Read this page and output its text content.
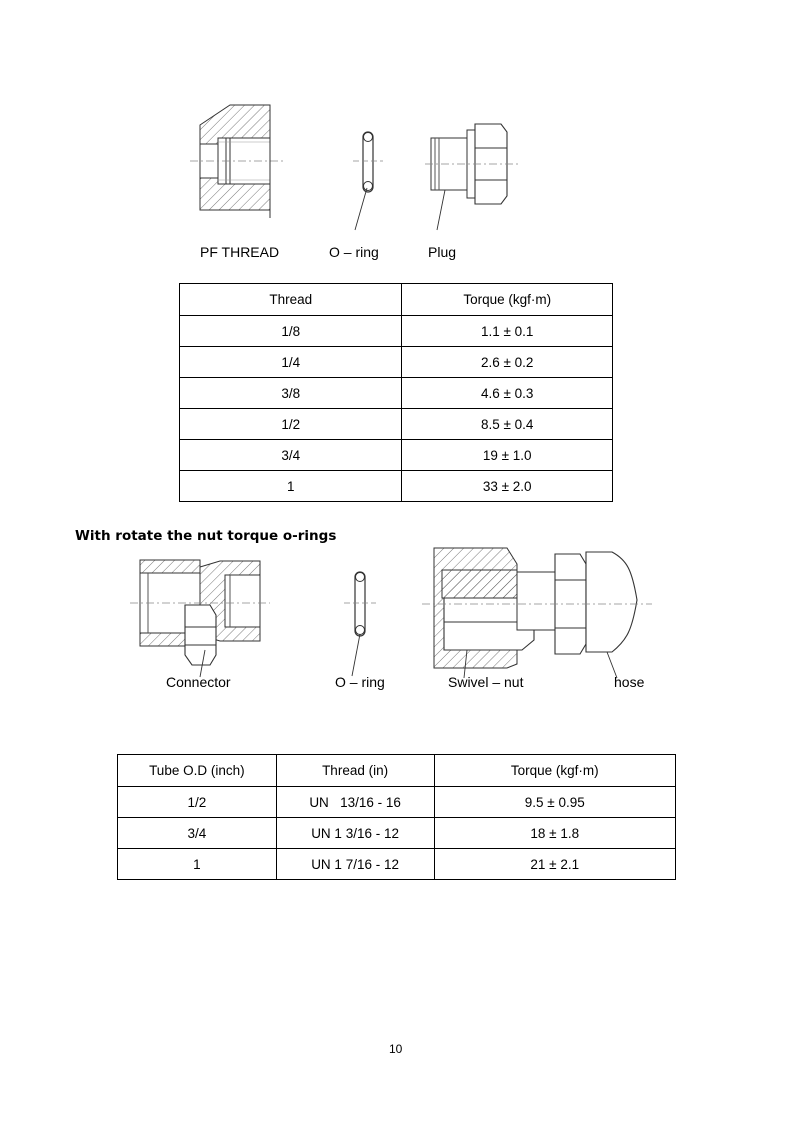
PF THREAD	O – ring	Plug
Thread	Torque (kgf·m)
1/8	1.1 ± 0.1
1/4	2.6 ± 0.2
3/8	4.6 ± 0.3
1/2	8.5 ± 0.4
3/4	19 ± 1.0
1	33 ± 2.0
With rotate the nut torque o-rings
Connector	O – ring	Swivel – nut	hose
Tube O.D (inch)	Thread (in)	Torque (kgf·m)
1/2	UN   13/16 - 16	9.5 ± 0.95
3/4	UN 1 3/16 - 12	18 ± 1.8
1	UN 1 7/16 - 12	21 ± 2.1
10
